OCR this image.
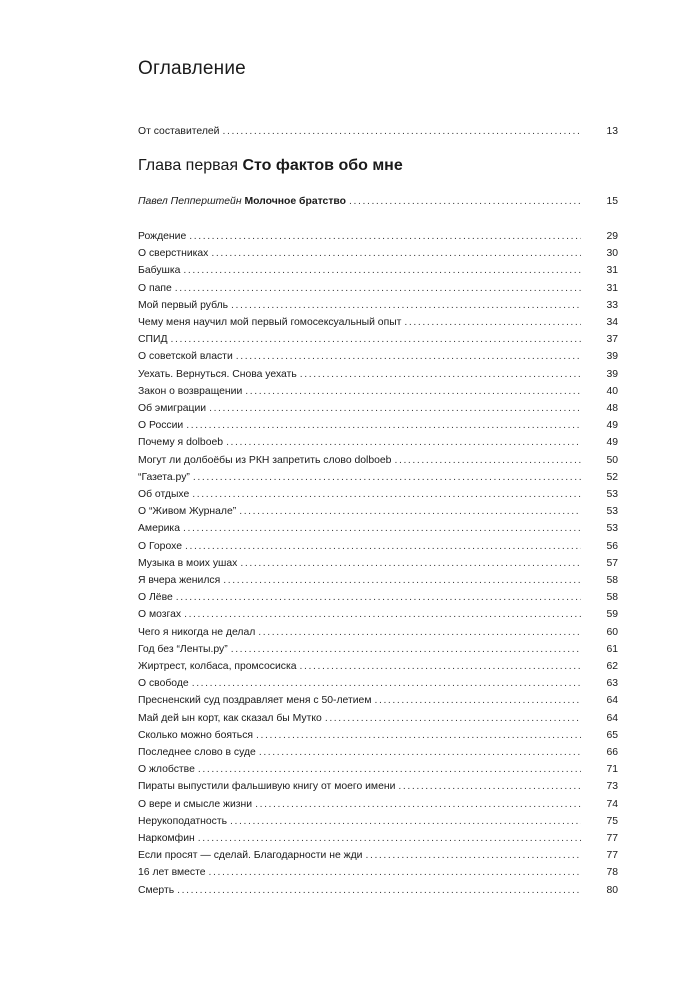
Оглавление
От составителей .....	13
Глава первая Сто фактов обо мне
Павел Пепперштейн Молочное братство .....	15
Рождение .....	29
О сверстниках .....	30
Бабушка .....	31
О папе .....	31
Мой первый рубль .....	33
Чему меня научил мой первый гомосексуальный опыт .....	34
СПИД .....	37
О советской власти .....	39
Уехать. Вернуться. Снова уехать .....	39
Закон о возвращении .....	40
Об эмиграции .....	48
О России .....	49
Почему я dolboeb .....	49
Могут ли долбоёбы из РКН запретить слово dolboeb .....	50
“Газета.ру” .....	52
Об отдыхе .....	53
О “Живом Журнале” .....	53
Америка .....	53
О Горохе .....	56
Музыка в моих ушах .....	57
Я вчера женился .....	58
О Лёве .....	58
О мозгах .....	59
Чего я никогда не делал .....	60
Год без “Ленты.ру” .....	61
Жиртрест, колбаса, промсосиска .....	62
О свободе .....	63
Пресненский суд поздравляет меня с 50-летием .....	64
Май дей ын корт, как сказал бы Мутко .....	64
Сколько можно бояться .....	65
Последнее слово в суде .....	66
О жлобстве .....	71
Пираты выпустили фальшивую книгу от моего имени .....	73
О вере и смысле жизни .....	74
Нерукоподатность .....	75
Наркомфин .....	77
Если просят — сделай. Благодарности не жди .....	77
16 лет вместе .....	78
Смерть .....	80
